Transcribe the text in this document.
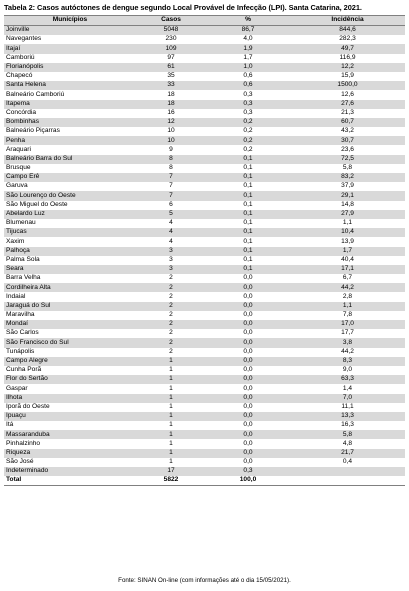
Tabela 2: Casos autóctones de dengue segundo Local Provável de Infecção (LPI). Santa Catarina, 2021.
Municípios	Casos	%	Incidência
Joinville	5048	86,7	844,6
Navegantes	230	4,0	282,3
Itajaí	109	1,9	49,7
Camboriú	97	1,7	116,9
Florianópolis	61	1,0	12,2
Chapecó	35	0,6	15,9
Santa Helena	33	0,6	1500,0
Balneário Camboriú	18	0,3	12,6
Itapema	18	0,3	27,6
Concórdia	16	0,3	21,3
Bombinhas	12	0,2	60,7
Balneário Piçarras	10	0,2	43,2
Penha	10	0,2	30,7
Araquari	9	0,2	23,6
Balneário Barra do Sul	8	0,1	72,5
Brusque	8	0,1	5,8
Campo Erê	7	0,1	83,2
Garuva	7	0,1	37,9
São Lourenço do Oeste	7	0,1	29,1
São Miguel do Oeste	6	0,1	14,8
Abelardo Luz	5	0,1	27,9
Blumenau	4	0,1	1,1
Tijucas	4	0,1	10,4
Xaxim	4	0,1	13,9
Palhoça	3	0,1	1,7
Palma Sola	3	0,1	40,4
Seara	3	0,1	17,1
Barra Velha	2	0,0	6,7
Cordilheira Alta	2	0,0	44,2
Indaial	2	0,0	2,8
Jaraguá do Sul	2	0,0	1,1
Maravilha	2	0,0	7,8
Mondaí	2	0,0	17,0
São Carlos	2	0,0	17,7
São Francisco do Sul	2	0,0	3,8
Tunápolis	2	0,0	44,2
Campo Alegre	1	0,0	8,3
Cunha Porã	1	0,0	9,0
Flor do Sertão	1	0,0	63,3
Gaspar	1	0,0	1,4
Ilhota	1	0,0	7,0
Iporã do Oeste	1	0,0	11,1
Ipuaçu	1	0,0	13,3
Itá	1	0,0	16,3
Massaranduba	1	0,0	5,8
Pinhalzinho	1	0,0	4,8
Riqueza	1	0,0	21,7
São José	1	0,0	0,4
Indeterminado	17	0,3	
Total	5822	100,0	
Fonte: SINAN On-line (com informações até o dia 15/05/2021).
